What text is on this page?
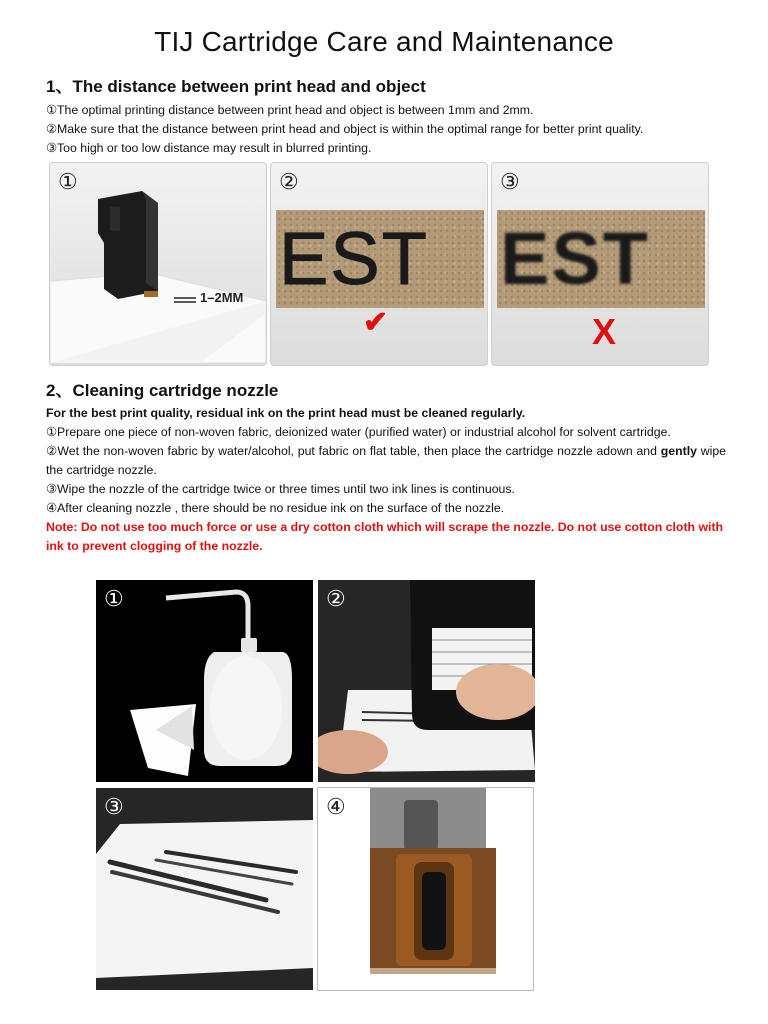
TIJ Cartridge Care and Maintenance
1、The distance between print head and object

①The optimal printing distance between print head and object is between 1mm and 2mm.

②Make sure that the distance between print head and object is within the optimal range for better print quality.

③Too high or too low distance may result in blurred printing.

①
1–2MM
②
EST
✔
③
EST
X
2、Cleaning cartridge nozzle

For the best print quality, residual ink on the print head must be cleaned regularly.

①Prepare one piece of non-woven fabric, deionized water (purified water) or industrial alcohol for solvent cartridge.

②Wet the non-woven fabric by water/alcohol, put fabric on flat table, then place the cartridge nozzle adown and gently wipe the cartridge nozzle.

③Wipe the nozzle of the cartridge twice or three times until two ink lines is continuous.

④After cleaning nozzle , there should be no residue ink on the surface of the nozzle.

Note: Do not use too much force or use a dry cotton cloth which will scrape the nozzle. Do not use cotton cloth with ink to prevent clogging of the nozzle.

①	②
③	④
